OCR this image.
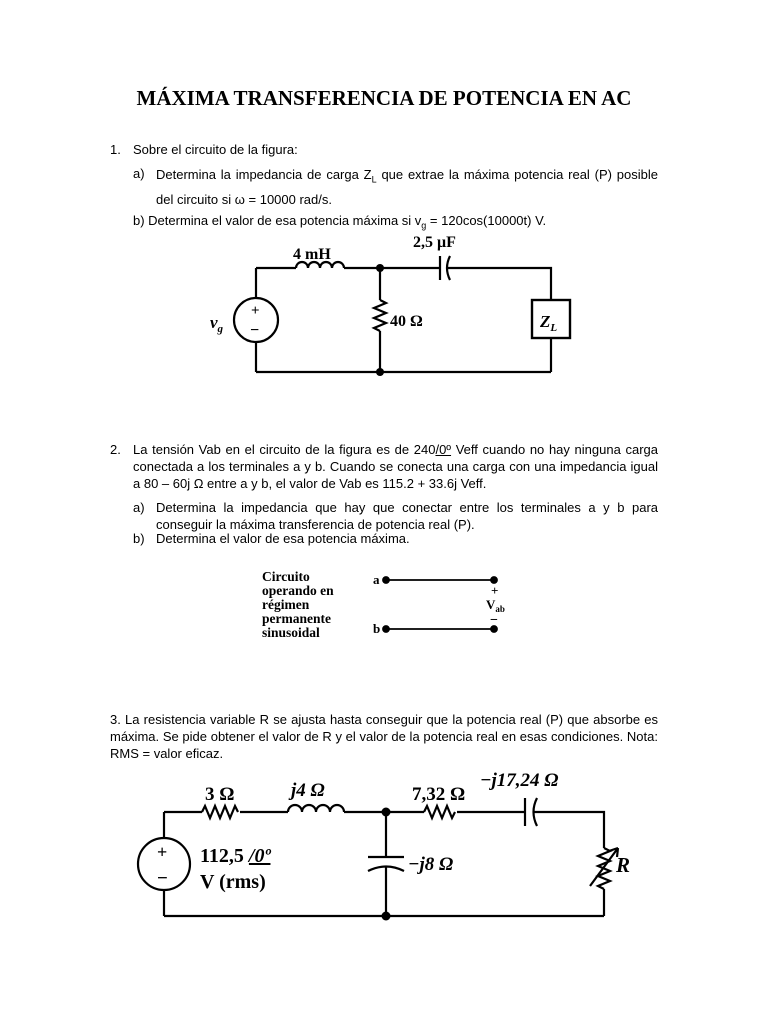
MÁXIMA TRANSFERENCIA DE POTENCIA EN AC
1. Sobre el circuito de la figura:

a) Determina la impedancia de carga $Z_L$ que extrae la máxima potencia real (P) posible del circuito si ω = 10000 rad/s.

b) Determina el valor de esa potencia máxima si $v_g = 120\cos(10000t)$ V.

4 mH
2,5 μF
40 Ω
+
−
$v_g$	$Z_L$
2. La tensión Vab en el circuito de la figura es de 240/0º Veff cuando no hay ninguna carga conectada a los terminales a y b. Cuando se conecta una carga con una impedancia igual a 80 – 60j Ω entre a y b, el valor de Vab es 115.2 + 33.6j Veff.

a) Determina la impedancia que hay que conectar entre los terminales a y b para conseguir la máxima transferencia de potencia real (P).

b) Determina el valor de esa potencia máxima.

Circuito
operando en
régimen
permanente
sinusoidal
a
b
+
−
$V_{ab}$

3. La resistencia variable R se ajusta hasta conseguir que la potencia real (P) que absorbe es máxima. Se pide obtener el valor de R y el valor de la potencia real en esas condiciones. Nota: RMS = valor eficaz.

3 Ω	j4 Ω	7,32 Ω
−j17,24 Ω
−j8 Ω	R
+
−
112,5 /0º
V (rms)
